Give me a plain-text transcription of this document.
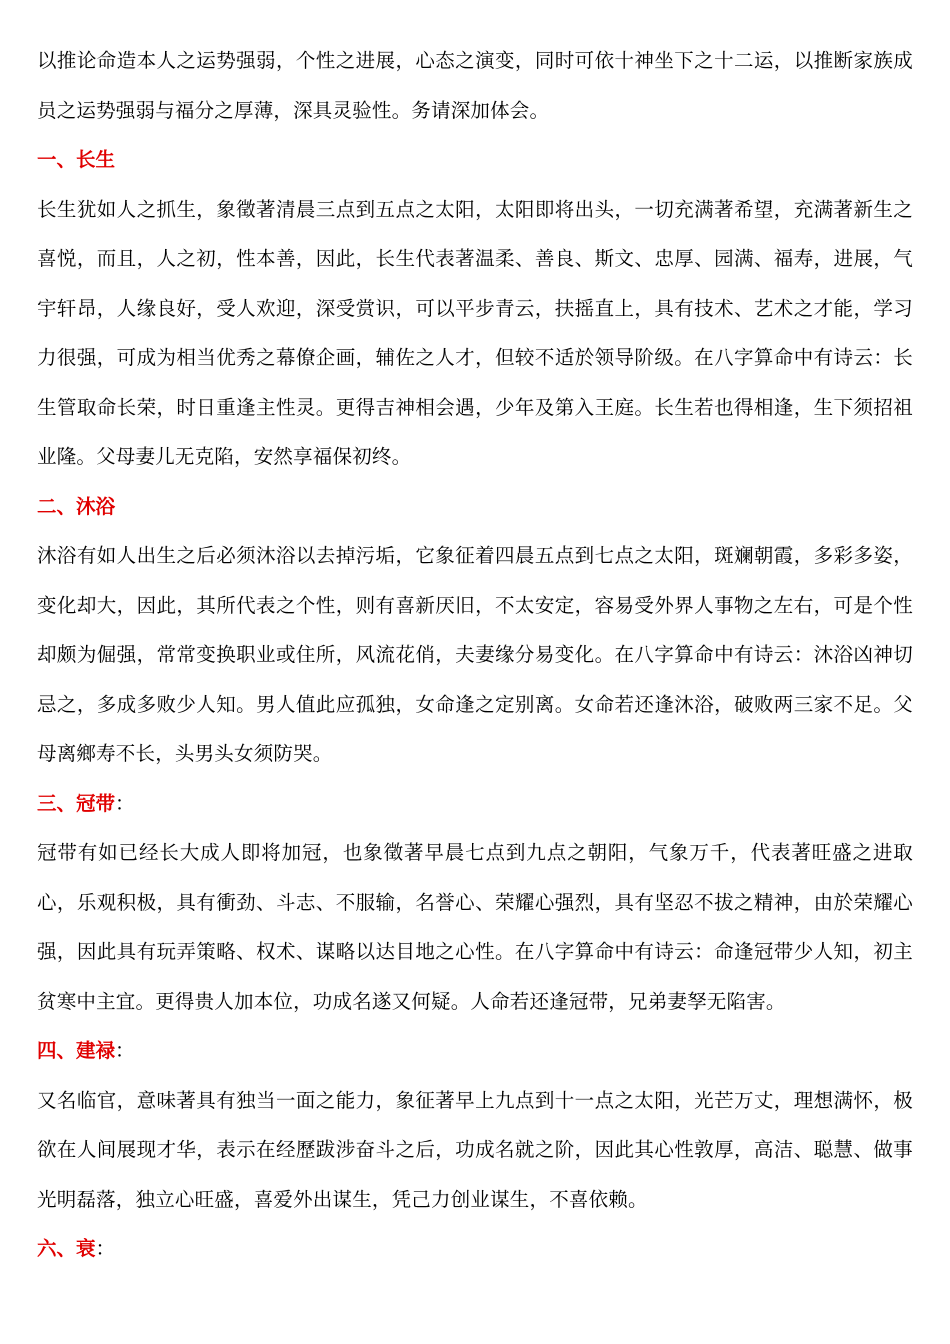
以推论命造本人之运势强弱，个性之进展，心态之演变，同时可依十神坐下之十二运，以推断家族成员之运势强弱与福分之厚薄，深具灵验性。务请深加体会。

一、长生

长生犹如人之抓生，象徵著清晨三点到五点之太阳，太阳即将出头，一切充满著希望，充满著新生之喜悦，而且，人之初，性本善，因此，长生代表著温柔、善良、斯文、忠厚、园满、福寿，进展，气宇轩昂，人缘良好，受人欢迎，深受赏识，可以平步青云，扶摇直上，具有技术、艺术之才能，学习力很强，可成为相当优秀之幕僚企画，辅佐之人才，但较不适於领导阶级。在八字算命中有诗云：长生管取命长荣，时日重逢主性灵。更得吉神相会遇，少年及第入王庭。长生若也得相逢，生下须招祖业隆。父母妻儿无克陷，安然享福保初终。

二、沐浴

沐浴有如人出生之后必须沐浴以去掉污垢，它象征着四晨五点到七点之太阳，斑斓朝霞，多彩多姿，变化却大，因此，其所代表之个性，则有喜新厌旧，不太安定，容易受外界人事物之左右，可是个性却颇为倔强，常常变换职业或住所，风流花俏，夫妻缘分易变化。在八字算命中有诗云：沐浴凶神切忌之，多成多败少人知。男人值此应孤独，女命逢之定别离。女命若还逢沐浴，破败两三家不足。父母离鄉寿不长，头男头女须防哭。

三、冠带：

冠带有如已经长大成人即将加冠，也象徵著早晨七点到九点之朝阳，气象万千，代表著旺盛之进取心，乐观积极，具有衝劲、斗志、不服输，名誉心、荣耀心强烈，具有坚忍不拔之精神，由於荣耀心强，因此具有玩弄策略、权术、谋略以达目地之心性。在八字算命中有诗云：命逢冠带少人知，初主贫寒中主宜。更得贵人加本位，功成名遂又何疑。人命若还逢冠带，兄弟妻孥无陷害。

四、建禄：

又名临官，意味著具有独当一面之能力，象征著早上九点到十一点之太阳，光芒万丈，理想满怀，极欲在人间展现才华，表示在经歷跋涉奋斗之后，功成名就之阶，因此其心性敦厚，高洁、聪慧、做事光明磊落，独立心旺盛，喜爱外出谋生，凭己力创业谋生，不喜依赖。

六、衰：
